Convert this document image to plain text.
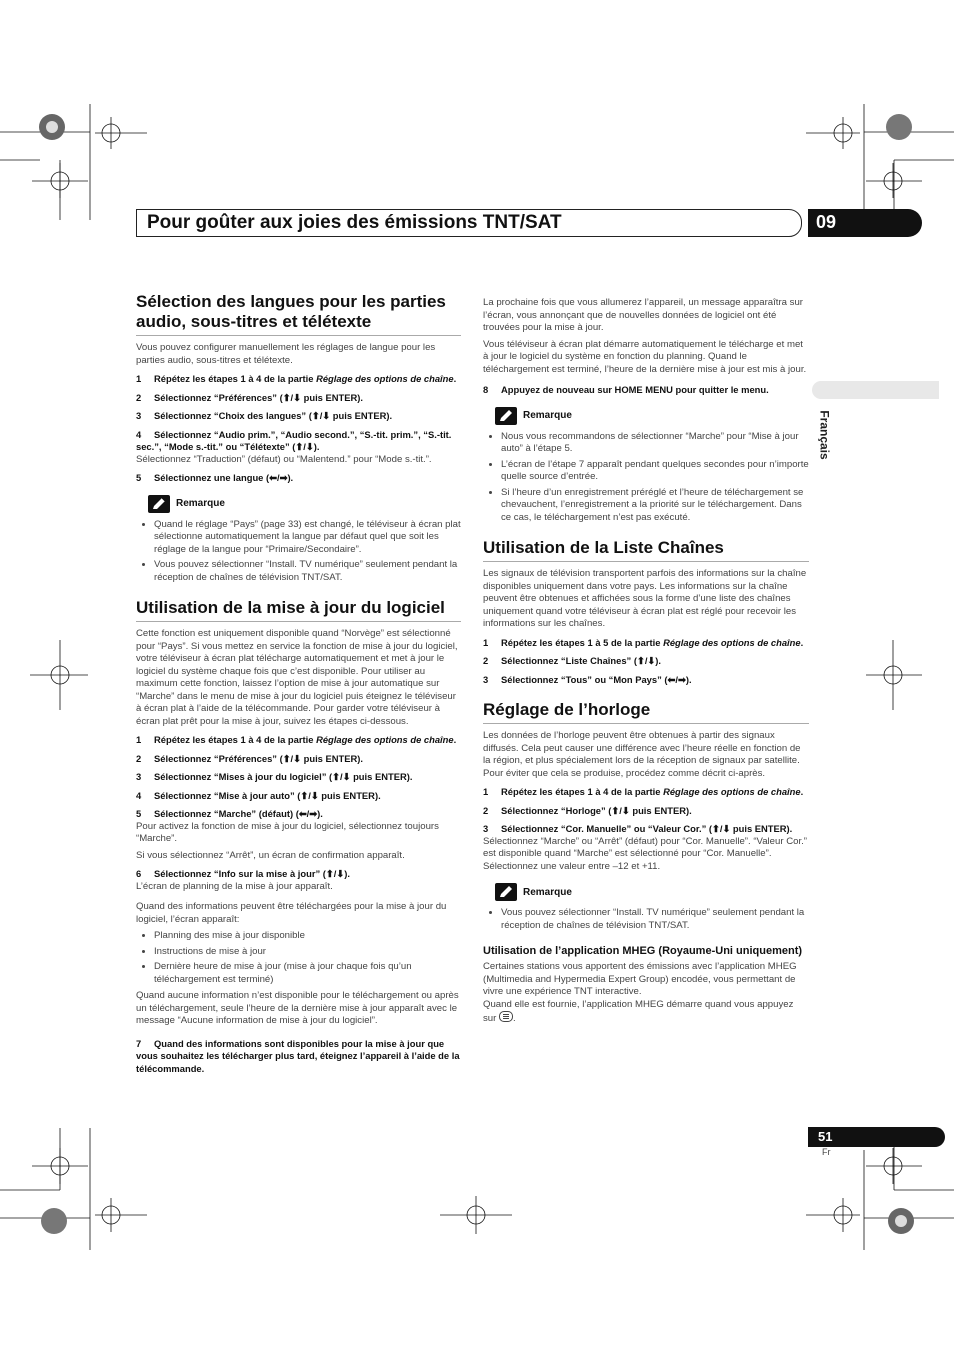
Pour goûter aux joies des émissions TNT/SAT	09
Français
Sélection des langues pour les parties audio, sous-titres et télétexte

Vous pouvez configurer manuellement les réglages de langue pour les parties audio, sous-titres et télétexte.

1 Répétez les étapes 1 à 4 de la partie Réglage des options de chaîne.
2 Sélectionnez “Préférences” (⬆/⬇ puis ENTER).
3 Sélectionnez “Choix des langues” (⬆/⬇ puis ENTER).
4 Sélectionnez “Audio prim.”, “Audio second.”, “S.-tit. prim.”, “S.-tit. sec.”, “Mode s.-tit.” ou “Télétexte” (⬆/⬇).

Sélectionnez “Traduction” (défaut) ou “Malentend.” pour “Mode s.-tit.”.

5 Sélectionnez une langue (⬅/➡).
Remarque
• Quand le réglage “Pays” (page 33) est changé, le téléviseur à écran plat sélectionne automatiquement la langue par défaut quel que soit les réglage de la langue pour “Primaire/Secondaire”.
• Vous pouvez sélectionner “Install. TV numérique” seulement pendant la réception de chaînes de télévision TNT/SAT.
Utilisation de la mise à jour du logiciel

Cette fonction est uniquement disponible quand “Norvège” est sélectionné pour “Pays”. Si vous mettez en service la fonction de mise à jour du logiciel, votre téléviseur à écran plat télécharge automatiquement et met à jour le logiciel du système chaque fois que c’est disponible. Pour utiliser au maximum cette fonction, laissez l’option de mise à jour automatique sur “Marche” dans le menu de mise à jour du logiciel puis éteignez le téléviseur à écran plat à l’aide de la télécommande. Pour garder votre téléviseur à écran plat prêt pour la mise à jour, suivez les étapes ci-dessous.

1 Répétez les étapes 1 à 4 de la partie Réglage des options de chaîne.
2 Sélectionnez “Préférences” (⬆/⬇ puis ENTER).
3 Sélectionnez “Mises à jour du logiciel” (⬆/⬇ puis ENTER).
4 Sélectionnez “Mise à jour auto” (⬆/⬇ puis ENTER).
5 Sélectionnez “Marche” (défaut) (⬅/➡).

Pour activez la fonction de mise à jour du logiciel, sélectionnez toujours “Marche”.

Si vous sélectionnez “Arrêt”, un écran de confirmation apparaît.

6 Sélectionnez “Info sur la mise à jour” (⬆/⬇).

L’écran de planning de la mise à jour apparaît.

Quand des informations peuvent être téléchargées pour la mise à jour du logiciel, l’écran apparaît:

• Planning des mise à jour disponible
• Instructions de mise à jour
• Dernière heure de mise à jour (mise à jour chaque fois qu’un téléchargement est terminé)

Quand aucune information n’est disponible pour le téléchargement ou après un téléchargement, seule l’heure de la dernière mise à jour apparaît avec le message “Aucune information de mise à jour du logiciel”.

7 Quand des informations sont disponibles pour la mise à jour que vous souhaitez les télécharger plus tard, éteignez l’appareil à l’aide de la télécommande.

La prochaine fois que vous allumerez l’appareil, un message apparaîtra sur l’écran, vous annonçant que de nouvelles données de logiciel ont été trouvées pour la mise à jour.

Vous téléviseur à écran plat démarre automatiquement le télécharge et met à jour le logiciel du système en fonction du planning. Quand le téléchargement est terminé, l’heure de la dernière mise à jour est mis à jour.

8 Appuyez de nouveau sur HOME MENU pour quitter le menu.
Remarque
• Nous vous recommandons de sélectionner “Marche” pour “Mise à jour auto” à l’étape 5.
• L’écran de l’étape 7 apparaît pendant quelques secondes pour n’importe quelle source d’entrée.
• Si l’heure d’un enregistrement préréglé et l’heure de téléchargement se chevauchent, l’enregistrement a la priorité sur le téléchargement. Dans ce cas, le téléchargement n’est pas exécuté.
Utilisation de la Liste Chaînes

Les signaux de télévision transportent parfois des informations sur la chaîne disponibles uniquement dans votre pays. Les informations sur la chaîne peuvent être obtenues et affichées sous la forme d’une liste des chaînes uniquement quand votre téléviseur à écran plat est réglé pour recevoir les informations sur les chaînes.

1 Répétez les étapes 1 à 5 de la partie Réglage des options de chaîne.
2 Sélectionnez “Liste Chaînes” (⬆/⬇).
3 Sélectionnez “Tous” ou “Mon Pays” (⬅/➡).
Réglage de l’horloge

Les données de l’horloge peuvent être obtenues à partir des signaux diffusés. Cela peut causer une différence avec l’heure réelle en fonction de la région, et plus spécialement lors de la réception de signaux par satellite. Pour éviter que cela se produise, procédez comme décrit ci-après.

1 Répétez les étapes 1 à 4 de la partie Réglage des options de chaîne.
2 Sélectionnez “Horloge” (⬆/⬇ puis ENTER).
3 Sélectionnez “Cor. Manuelle” ou “Valeur Cor.” (⬆/⬇ puis ENTER).

Sélectionnez “Marche” ou “Arrêt” (défaut) pour “Cor. Manuelle”. “Valeur Cor.” est disponible quand “Marche” est sélectionné pour “Cor. Manuelle”. Sélectionnez une valeur entre –12 et +11.

Remarque
• Vous pouvez sélectionner “Install. TV numérique” seulement pendant la réception de chaînes de télévision TNT/SAT.
Utilisation de l’application MHEG (Royaume-Uni uniquement)

Certaines stations vous apportent des émissions avec l’application MHEG (Multimedia and Hypermedia Expert Group) encodée, vous permettant de vivre une expérience TNT interactive.

Quand elle est fournie, l’application MHEG démarre quand vous appuyez sur
.

51
Fr
